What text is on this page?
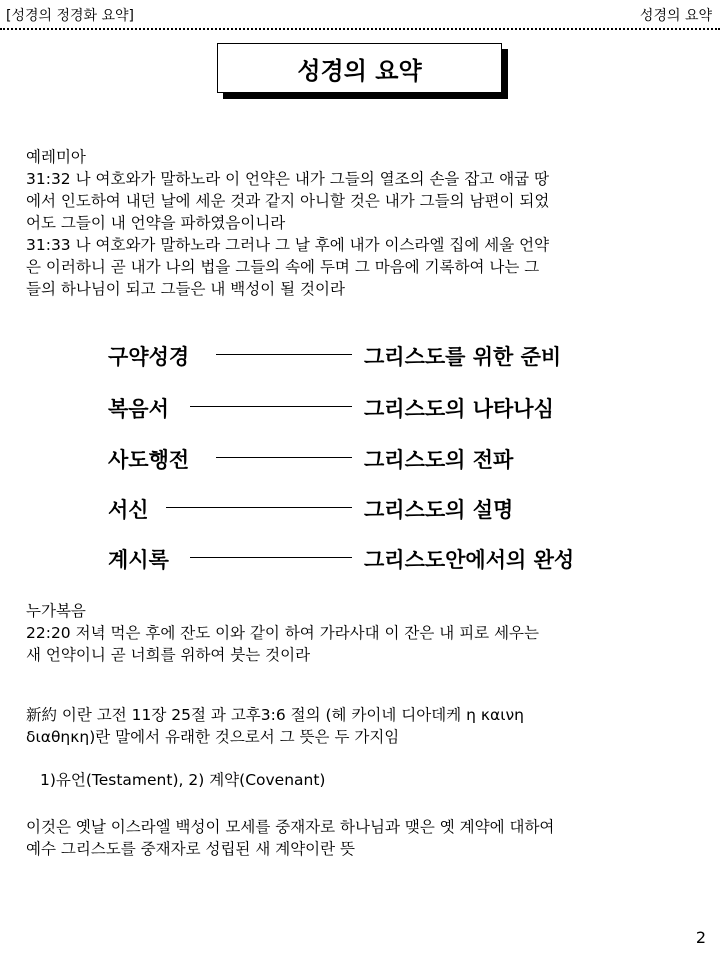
[성경의 정경화 요약]	성경의 요약
성경의 요약
예레미아
31:32 나 여호와가 말하노라 이 언약은 내가 그들의 열조의 손을 잡고 애굽 땅
에서 인도하여 내던 날에 세운 것과 같지 아니할 것은 내가 그들의 남편이 되었
어도 그들이 내 언약을 파하였음이니라
31:33 나 여호와가 말하노라 그러나 그 날 후에 내가 이스라엘 집에 세울 언약
은 이러하니 곧 내가 나의 법을 그들의 속에 두며 그 마음에 기록하여 나는 그
들의 하나님이 되고 그들은 내 백성이 될 것이라
구약성경	그리스도를 위한 준비
복음서	그리스도의 나타나심
사도행전	그리스도의 전파
서신	그리스도의 설명
계시록	그리스도안에서의 완성
누가복음
22:20 저녁 먹은 후에 잔도 이와 같이 하여 가라사대 이 잔은 내 피로 세우는
새 언약이니 곧 너희를 위하여 붓는 것이라
新約 이란 고전 11장 25절 과 고후3:6 절의 (헤 카이네 디아데케 η καινη
διαθηκη)란 말에서 유래한 것으로서 그 뜻은 두 가지임
1)유언(Testament), 2) 계약(Covenant)
이것은 옛날 이스라엘 백성이 모세를 중재자로 하나님과 맺은 옛 계약에 대하여
예수 그리스도를 중재자로 성립된 새 계약이란 뜻
2
